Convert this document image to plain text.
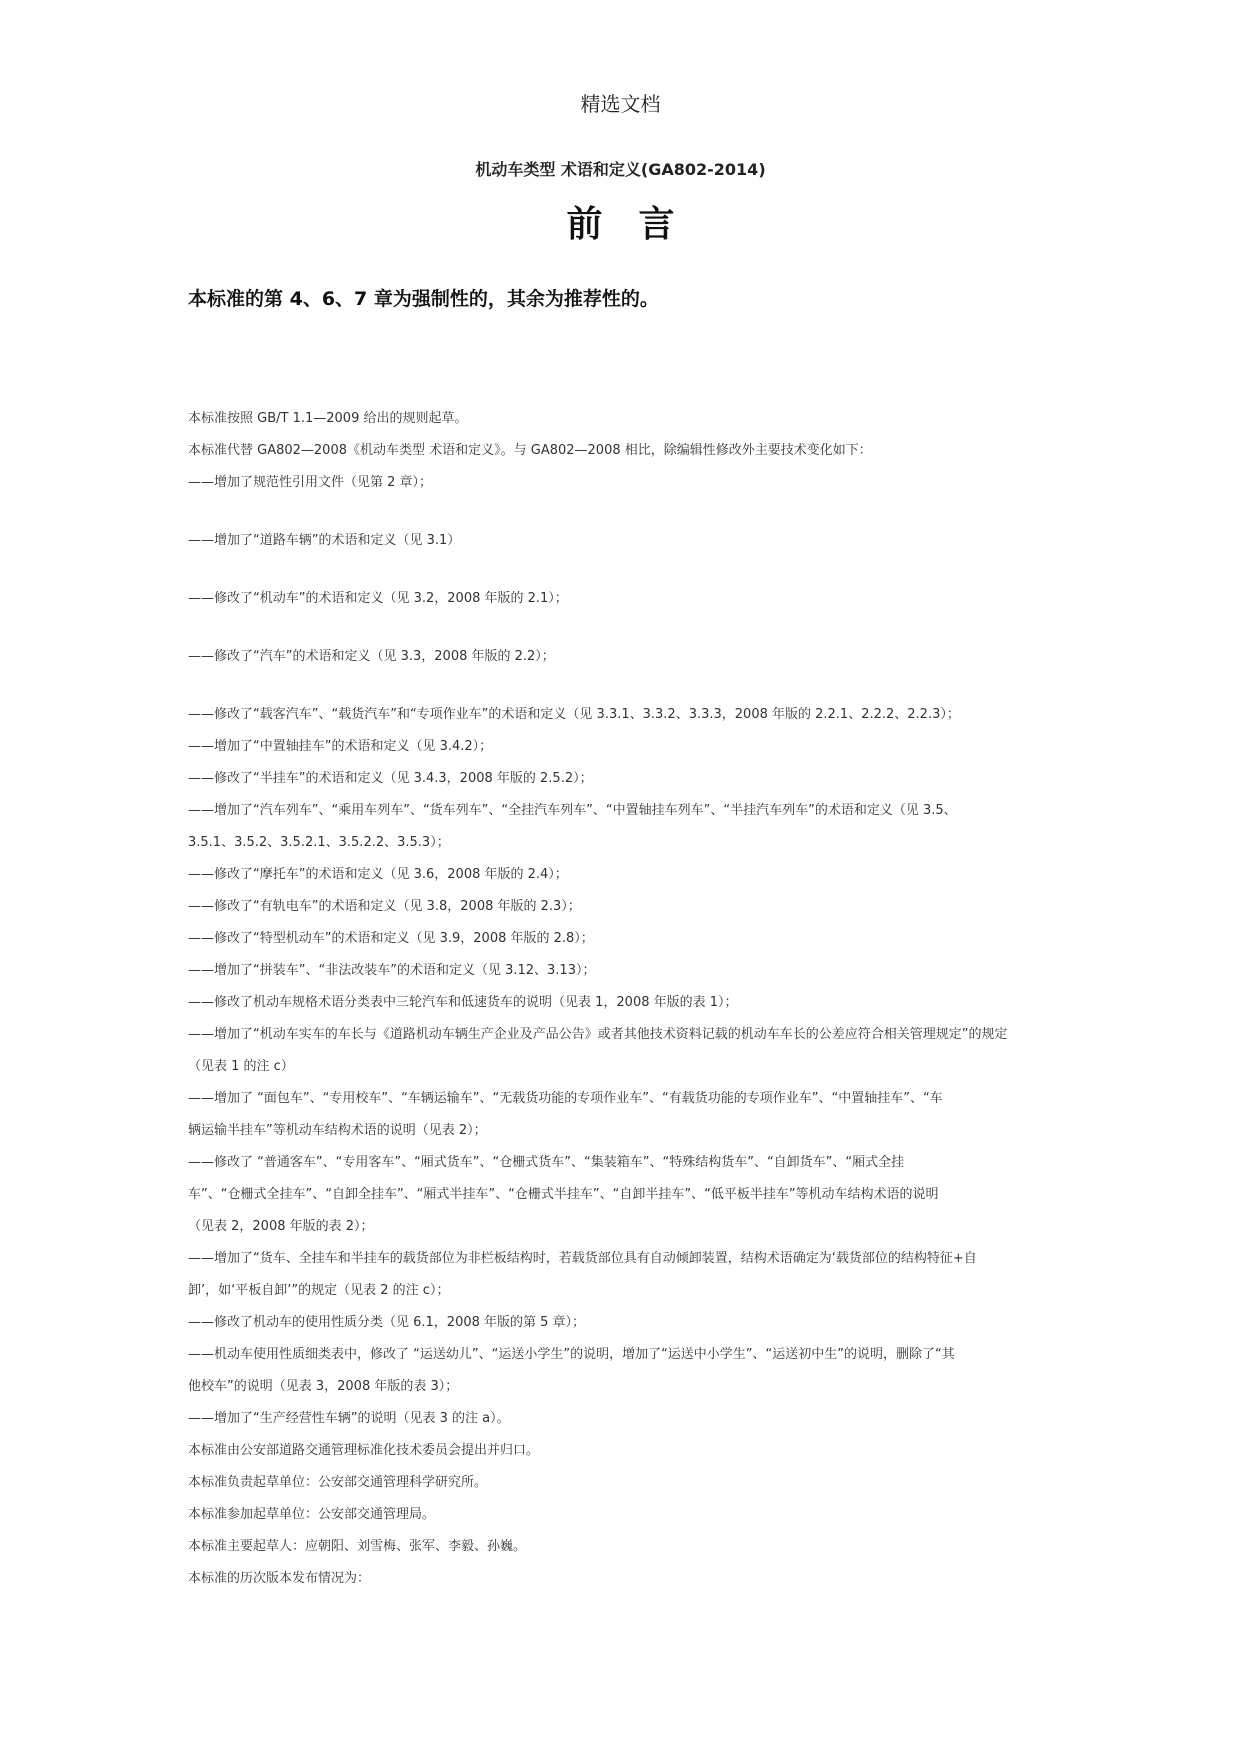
精选文档
机动车类型 术语和定义(GA802-2014)
前言
本标准的第 4、6、7 章为强制性的，其余为推荐性的。
本标准按照 GB/T 1.1—2009 给出的规则起草。
本标准代替 GA802—2008《机动车类型 术语和定义》。与 GA802—2008 相比，除编辑性修改外主要技术变化如下：
——增加了规范性引用文件（见第 2 章）；
——增加了“道路车辆”的术语和定义（见 3.1）
——修改了“机动车”的术语和定义（见 3.2，2008 年版的 2.1）；
——修改了“汽车”的术语和定义（见 3.3，2008 年版的 2.2）；
——修改了“载客汽车”、“载货汽车”和“专项作业车”的术语和定义（见 3.3.1、3.3.2、3.3.3，2008 年版的 2.2.1、2.2.2、2.2.3）；
——增加了“中置轴挂车”的术语和定义（见 3.4.2）；
——修改了“半挂车”的术语和定义（见 3.4.3，2008 年版的 2.5.2）；
——增加了“汽车列车”、“乘用车列车”、“货车列车”、“全挂汽车列车”、“中置轴挂车列车”、“半挂汽车列车”的术语和定义（见 3.5、
3.5.1、3.5.2、3.5.2.1、3.5.2.2、3.5.3）；
——修改了“摩托车”的术语和定义（见 3.6，2008 年版的 2.4）；
——修改了“有轨电车”的术语和定义（见 3.8，2008 年版的 2.3）；
——修改了“特型机动车”的术语和定义（见 3.9，2008 年版的 2.8）；
——增加了“拼装车”、“非法改装车”的术语和定义（见 3.12、3.13）；
——修改了机动车规格术语分类表中三轮汽车和低速货车的说明（见表 1，2008 年版的表 1）；
——增加了“机动车实车的车长与《道路机动车辆生产企业及产品公告》或者其他技术资料记载的机动车车长的公差应符合相关管理规定”的规定
（见表 1 的注 c）
——增加了 “面包车”、“专用校车”、“车辆运输车”、“无载货功能的专项作业车”、“有载货功能的专项作业车”、“中置轴挂车”、“车
辆运输半挂车”等机动车结构术语的说明（见表 2）；
——修改了 “普通客车”、“专用客车”、“厢式货车”、“仓栅式货车”、“集装箱车”、“特殊结构货车”、“自卸货车”、“厢式全挂
车”、“仓栅式全挂车”、“自卸全挂车”、“厢式半挂车”、“仓栅式半挂车”、“自卸半挂车”、“低平板半挂车”等机动车结构术语的说明
（见表 2，2008 年版的表 2）；
——增加了“货车、全挂车和半挂车的载货部位为非栏板结构时，若载货部位具有自动倾卸装置，结构术语确定为‘载货部位的结构特征+自
卸’，如‘平板自卸’”的规定（见表 2 的注 c）；
——修改了机动车的使用性质分类（见 6.1，2008 年版的第 5 章）；
——机动车使用性质细类表中，修改了 “运送幼儿”、“运送小学生”的说明，增加了“运送中小学生”、“运送初中生”的说明，删除了“其
他校车”的说明（见表 3，2008 年版的表 3）；
——增加了“生产经营性车辆”的说明（见表 3 的注 a）。
本标准由公安部道路交通管理标准化技术委员会提出并归口。
本标准负责起草单位：公安部交通管理科学研究所。
本标准参加起草单位：公安部交通管理局。
本标准主要起草人：应朝阳、刘雪梅、张军、李毅、孙巍。
本标准的历次版本发布情况为：
